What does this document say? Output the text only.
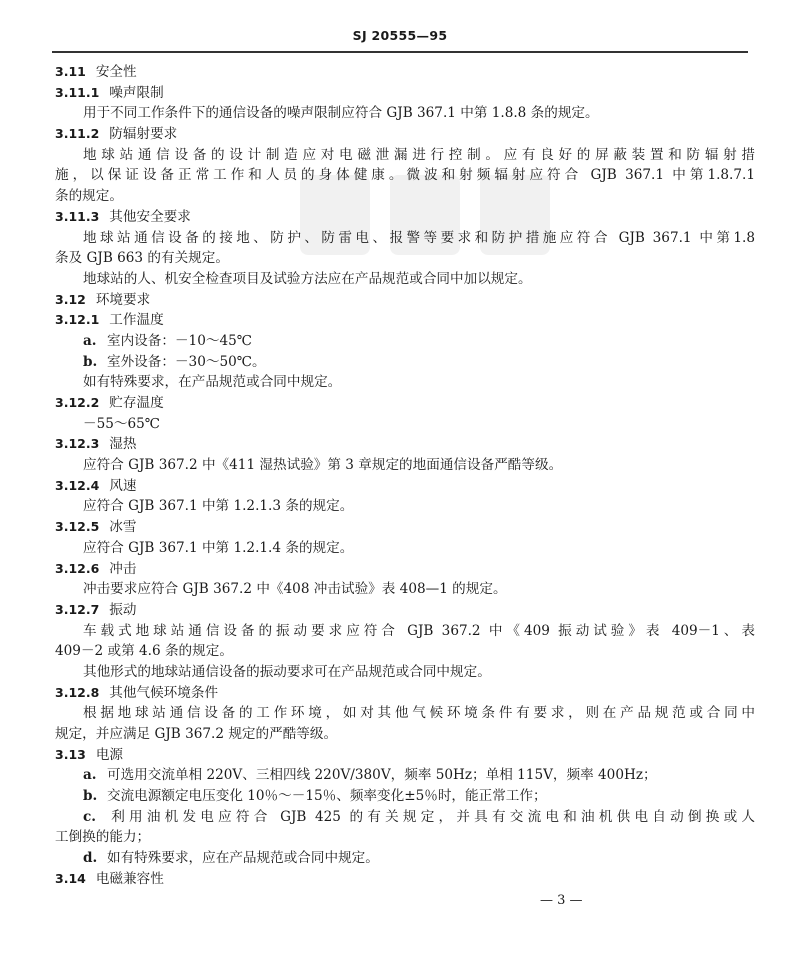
SJ 20555—95
3.11 安全性
3.11.1 噪声限制
用于不同工作条件下的通信设备的噪声限制应符合 GJB 367.1 中第 1.8.8 条的规定。
3.11.2 防辐射要求
地球站通信设备的设计制造应对电磁泄漏进行控制。应有良好的屏蔽装置和防辐射措
施，以保证设备正常工作和人员的身体健康。微波和射频辐射应符合 GJB 367.1 中第1.8.7.1
条的规定。
3.11.3 其他安全要求
地球站通信设备的接地、防护、防雷电、报警等要求和防护措施应符合 GJB 367.1 中第1.8
条及 GJB 663 的有关规定。
地球站的人、机安全检查项目及试验方法应在产品规范或合同中加以规定。
3.12 环境要求
3.12.1 工作温度
a. 室内设备：－10～45℃
b. 室外设备：－30～50℃。
如有特殊要求，在产品规范或合同中规定。
3.12.2 贮存温度
－55～65℃
3.12.3 湿热
应符合 GJB 367.2 中《411 湿热试验》第 3 章规定的地面通信设备严酷等级。
3.12.4 风速
应符合 GJB 367.1 中第 1.2.1.3 条的规定。
3.12.5 冰雪
应符合 GJB 367.1 中第 1.2.1.4 条的规定。
3.12.6 冲击
冲击要求应符合 GJB 367.2 中《408 冲击试验》表 408—1 的规定。
3.12.7 振动
车载式地球站通信设备的振动要求应符合 GJB 367.2 中《409 振动试验》表 409－1、表
409－2 或第 4.6 条的规定。
其他形式的地球站通信设备的振动要求可在产品规范或合同中规定。
3.12.8 其他气候环境条件
根据地球站通信设备的工作环境，如对其他气候环境条件有要求，则在产品规范或合同中
规定，并应满足 GJB 367.2 规定的严酷等级。
3.13 电源
a. 可选用交流单相 220V、三相四线 220V/380V，频率 50Hz；单相 115V，频率 400Hz；
b. 交流电源额定电压变化 10％～－15％、频率变化±5％时，能正常工作；
c. 利用油机发电应符合 GJB 425 的有关规定，并具有交流电和油机供电自动倒换或人
工倒换的能力；
d. 如有特殊要求，应在产品规范或合同中规定。
3.14 电磁兼容性
— 3 —
